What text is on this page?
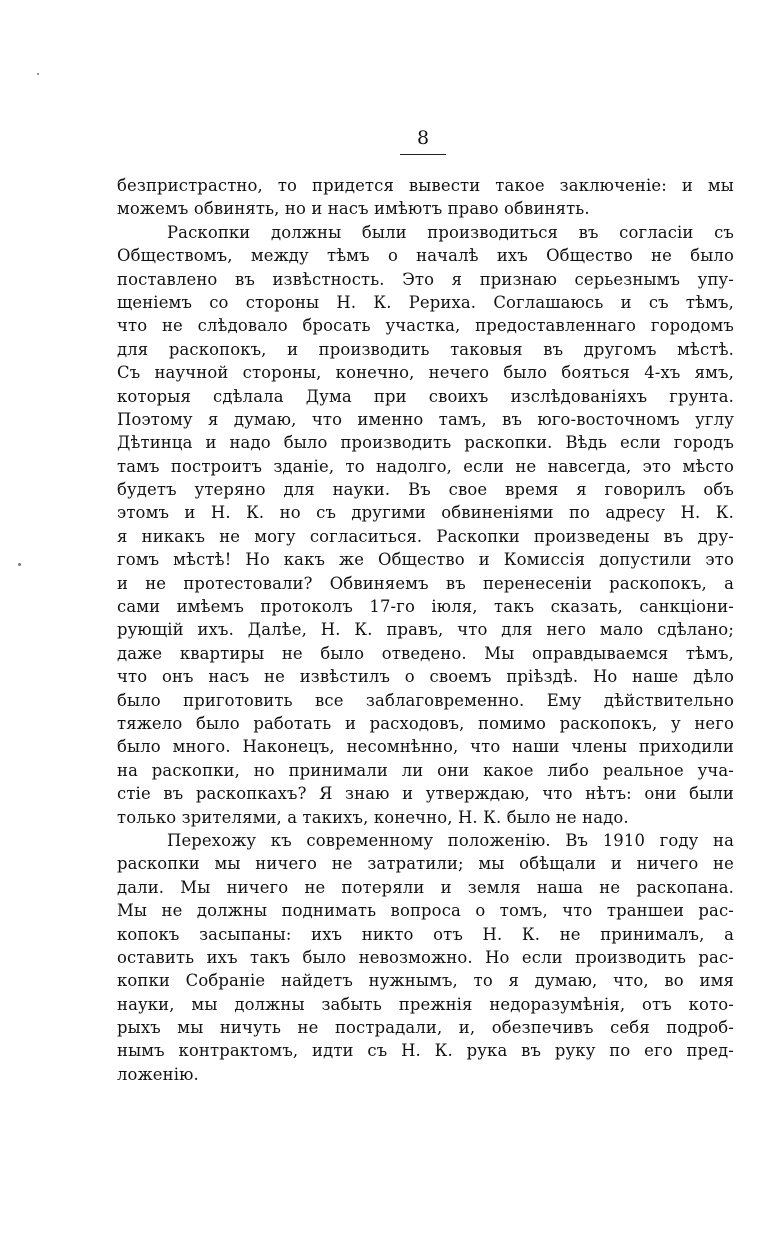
8
безпристрастно, то придется вывести такое заключеніе: и мы
можемъ обвинять, но и насъ имѣютъ право обвинять.
Раскопки должны были производиться въ согласіи съ
Обществомъ, между тѣмъ о началѣ ихъ Общество не было
поставлено въ извѣстность. Это я признаю серьезнымъ упу-
щеніемъ со стороны Н. К. Рериха. Соглашаюсь и съ тѣмъ,
что не слѣдовало бросать участка, предоставленнаго городомъ
для раскопокъ, и производить таковыя въ другомъ мѣстѣ.
Съ научной стороны, конечно, нечего было бояться 4-хъ ямъ,
которыя сдѣлала Дума при своихъ изслѣдованіяхъ грунта.
Поэтому я думаю, что именно тамъ, въ юго-восточномъ углу
Дѣтинца и надо было производить раскопки. Вѣдь если городъ
тамъ построитъ зданіе, то надолго, если не навсегда, это мѣсто
будетъ утеряно для науки. Въ свое время я говорилъ объ
этомъ и Н. К. но съ другими обвиненіями по адресу Н. К.
я никакъ не могу согласиться. Раскопки произведены въ дру-
гомъ мѣстѣ! Но какъ же Общество и Комиссія допустили это
и не протестовали? Обвиняемъ въ перенесеніи раскопокъ, а
сами имѣемъ протоколъ 17-го іюля, такъ сказать, санкціони-
рующій ихъ. Далѣе, Н. К. правъ, что для него мало сдѣлано;
даже квартиры не было отведено. Мы оправдываемся тѣмъ,
что онъ насъ не извѣстилъ о своемъ пріѣздѣ. Но наше дѣло
было приготовить все заблаговременно. Ему дѣйствительно
тяжело было работать и расходовъ, помимо раскопокъ, у него
было много. Наконецъ, несомнѣнно, что наши члены приходили
на раскопки, но принимали ли они какое либо реальное уча-
стіе въ раскопкахъ? Я знаю и утверждаю, что нѣтъ: они были
только зрителями, а такихъ, конечно, Н. К. было не надо.
Перехожу къ современному положенію. Въ 1910 году на
раскопки мы ничего не затратили; мы обѣщали и ничего не
дали. Мы ничего не потеряли и земля наша не раскопана.
Мы не должны поднимать вопроса о томъ, что траншеи рас-
копокъ засыпаны: ихъ никто отъ Н. К. не принималъ, а
оставить ихъ такъ было невозможно. Но если производить рас-
копки Собраніе найдетъ нужнымъ, то я думаю, что, во имя
науки, мы должны забыть прежнія недоразумѣнія, отъ кото-
рыхъ мы ничуть не пострадали, и, обезпечивъ себя подроб-
нымъ контрактомъ, идти съ Н. К. рука въ руку по его пред-
ложенію.
